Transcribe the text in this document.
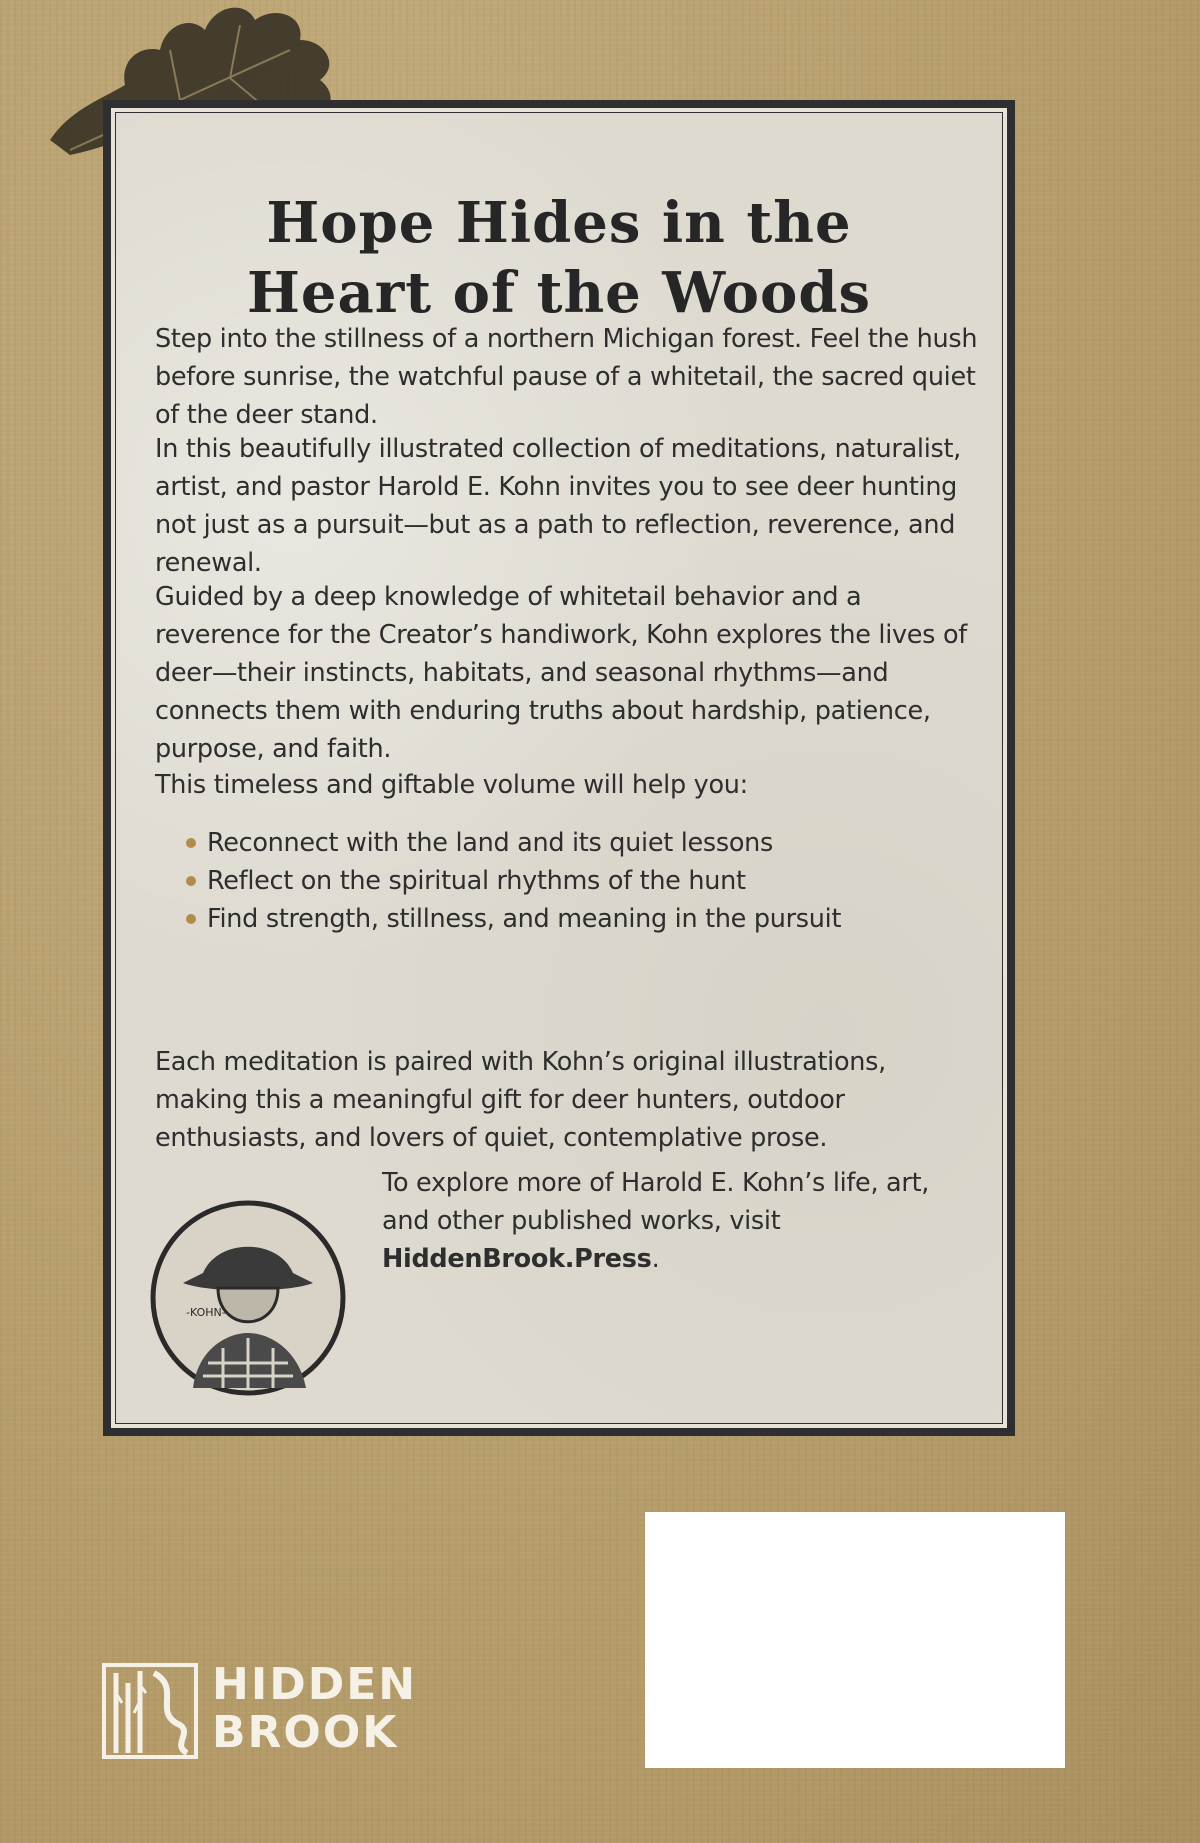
Hope Hides in the
Heart of the Woods

Step into the stillness of a northern Michigan forest. Feel the hush before sunrise, the watchful pause of a whitetail, the sacred quiet of the deer stand.

In this beautifully illustrated collection of meditations, naturalist, artist, and pastor Harold E. Kohn invites you to see deer hunting not just as a pursuit—but as a path to reflection, reverence, and renewal.

Guided by a deep knowledge of whitetail behavior and a reverence for the Creator’s handiwork, Kohn explores the lives of deer—their instincts, habitats, and seasonal rhythms—and connects them with enduring truths about hardship, patience, purpose, and faith.

This timeless and giftable volume will help you:

Reconnect with the land and its quiet lessons
Reflect on the spiritual rhythms of the hunt
Find strength, stillness, and meaning in the pursuit

Each meditation is paired with Kohn’s original illustrations, making this a meaningful gift for deer hunters, outdoor enthusiasts, and lovers of quiet, contemplative prose.

-KOHN-

To explore more of Harold E. Kohn’s life, art, and other published works, visit HiddenBrook.Press.

HIDDEN
BROOK
